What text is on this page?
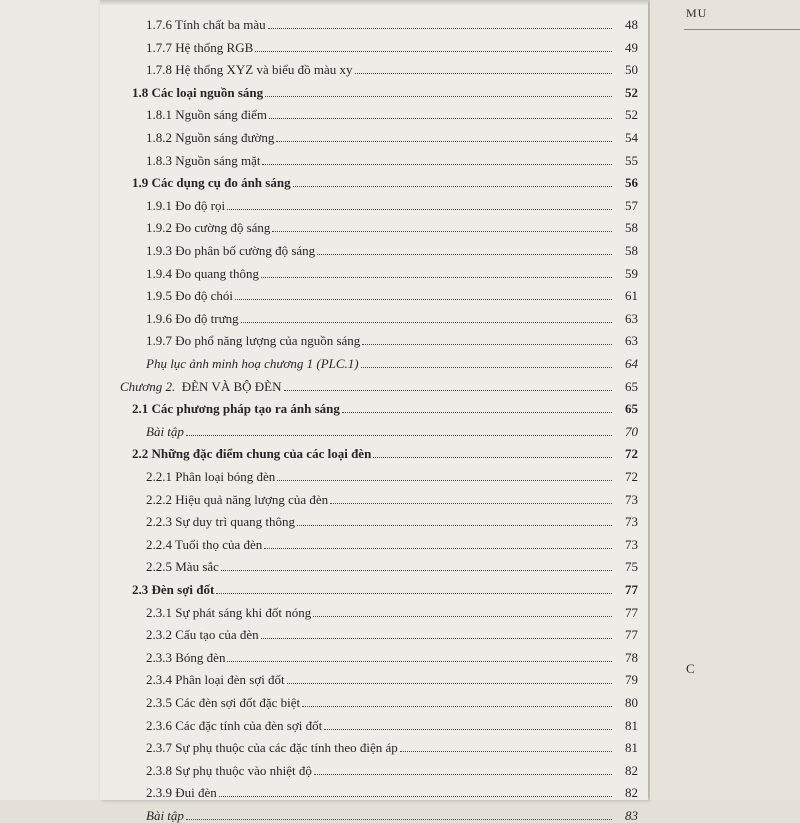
1.7.6 Tính chất ba màu	48
1.7.7 Hệ thống RGB	49
1.7.8 Hệ thống XYZ và biểu đồ màu xy	50
1.8 Các loại nguồn sáng	52
1.8.1 Nguồn sáng điểm	52
1.8.2 Nguồn sáng đường	54
1.8.3 Nguồn sáng mặt	55
1.9 Các dụng cụ đo ánh sáng	56
1.9.1 Đo độ rọi	57
1.9.2 Đo cường độ sáng	58
1.9.3 Đo phân bố cường độ sáng	58
1.9.4 Đo quang thông	59
1.9.5 Đo độ chói	61
1.9.6 Đo độ trưng	63
1.9.7 Đo phổ năng lượng của nguồn sáng	63
Phụ lục ảnh minh hoạ chương 1 (PLC.1)	64
Chương 2. ĐÈN VÀ BỘ ĐÈN	65
2.1 Các phương pháp tạo ra ánh sáng	65
Bài tập	70
2.2 Những đặc điểm chung của các loại đèn	72
2.2.1 Phân loại bóng đèn	72
2.2.2 Hiệu quả năng lượng của đèn	73
2.2.3 Sự duy trì quang thông	73
2.2.4 Tuổi thọ của đèn	73
2.2.5 Màu sắc	75
2.3 Đèn sợi đốt	77
2.3.1 Sự phát sáng khi đốt nóng	77
2.3.2 Cấu tạo của đèn	77
2.3.3 Bóng đèn	78
2.3.4 Phân loại đèn sợi đốt	79
2.3.5 Các đèn sợi đốt đặc biệt	80
2.3.6 Các đặc tính của đèn sợi đốt	81
2.3.7 Sự phụ thuộc của các đặc tính theo điện áp	81
2.3.8 Sự phụ thuộc vào nhiệt độ	82
2.3.9 Đui đèn	82
Bài tập	83
MU
C
